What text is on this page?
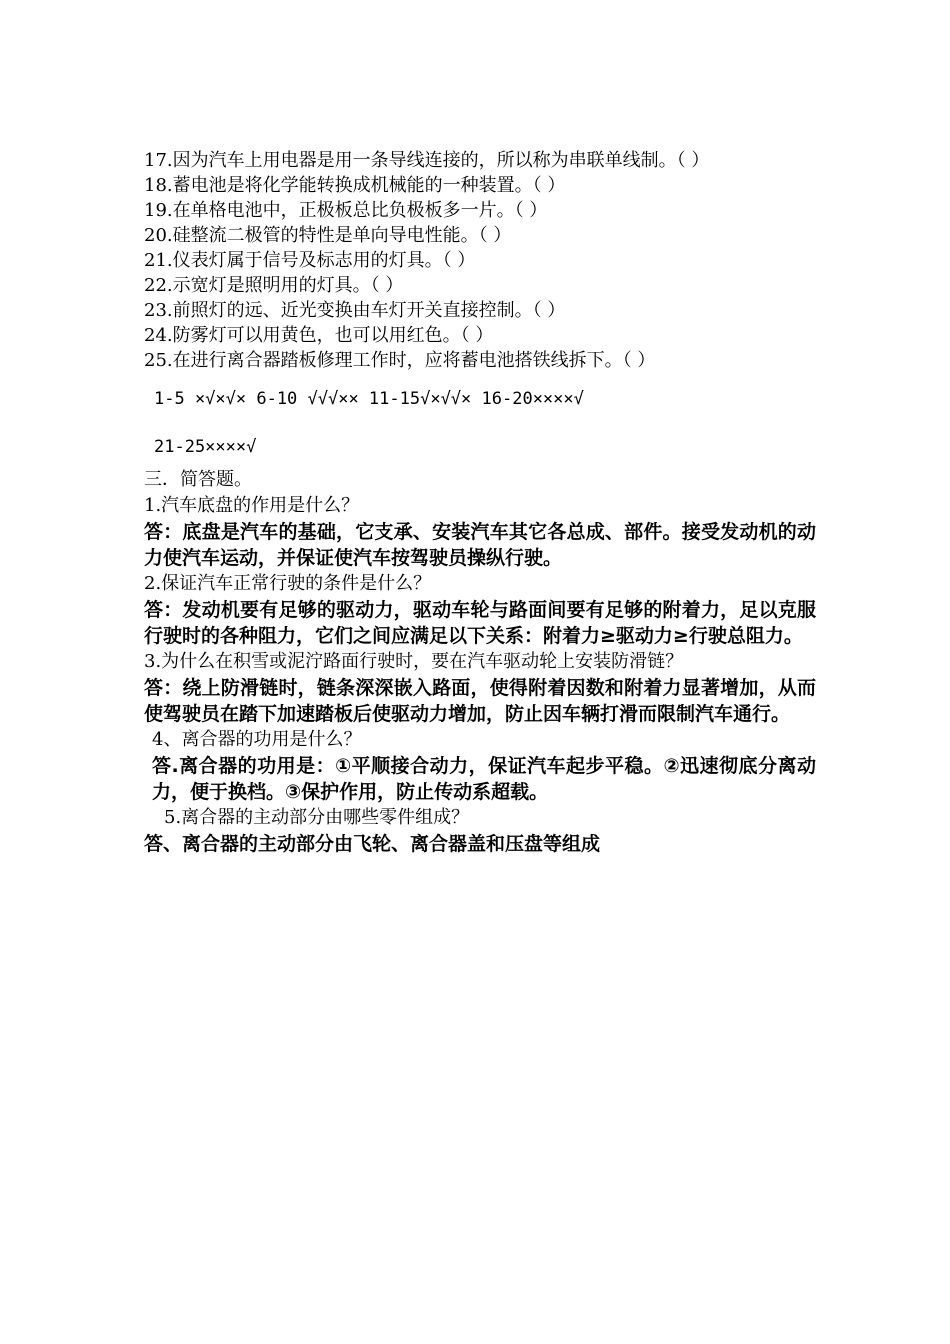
17.因为汽车上用电器是用一条导线连接的，所以称为串联单线制。（ ）
18.蓄电池是将化学能转换成机械能的一种装置。（ ）
19.在单格电池中，正极板总比负极板多一片。（ ）
20.硅整流二极管的特性是单向导电性能。（ ）
21.仪表灯属于信号及标志用的灯具。（ ）
22.示宽灯是照明用的灯具。（ ）
23.前照灯的远、近光变换由车灯开关直接控制。（ ）
24.防雾灯可以用黄色，也可以用红色。（ ）
25.在进行离合器踏板修理工作时，应将蓄电池搭铁线拆下。（ ）
1-5 ×√×√× 6-10 √√√×× 11-15√×√√× 16-20××××√
21-25××××√
三．简答题。
1.汽车底盘的作用是什么？
答：底盘是汽车的基础，它支承、安装汽车其它各总成、部件。接受发动机的动力使汽车运动，并保证使汽车按驾驶员操纵行驶。
2.保证汽车正常行驶的条件是什么？
答：发动机要有足够的驱动力，驱动车轮与路面间要有足够的附着力，足以克服行驶时的各种阻力，它们之间应满足以下关系：附着力≥驱动力≥行驶总阻力。
3.为什么在积雪或泥泞路面行驶时，要在汽车驱动轮上安装防滑链？
答：绕上防滑链时，链条深深嵌入路面，使得附着因数和附着力显著增加，从而使驾驶员在踏下加速踏板后使驱动力增加，防止因车辆打滑而限制汽车通行。
4、离合器的功用是什么？
答.离合器的功用是：①平顺接合动力，保证汽车起步平稳。②迅速彻底分离动力，便于换档。③保护作用，防止传动系超载。
5.离合器的主动部分由哪些零件组成？
答、离合器的主动部分由飞轮、离合器盖和压盘等组成
